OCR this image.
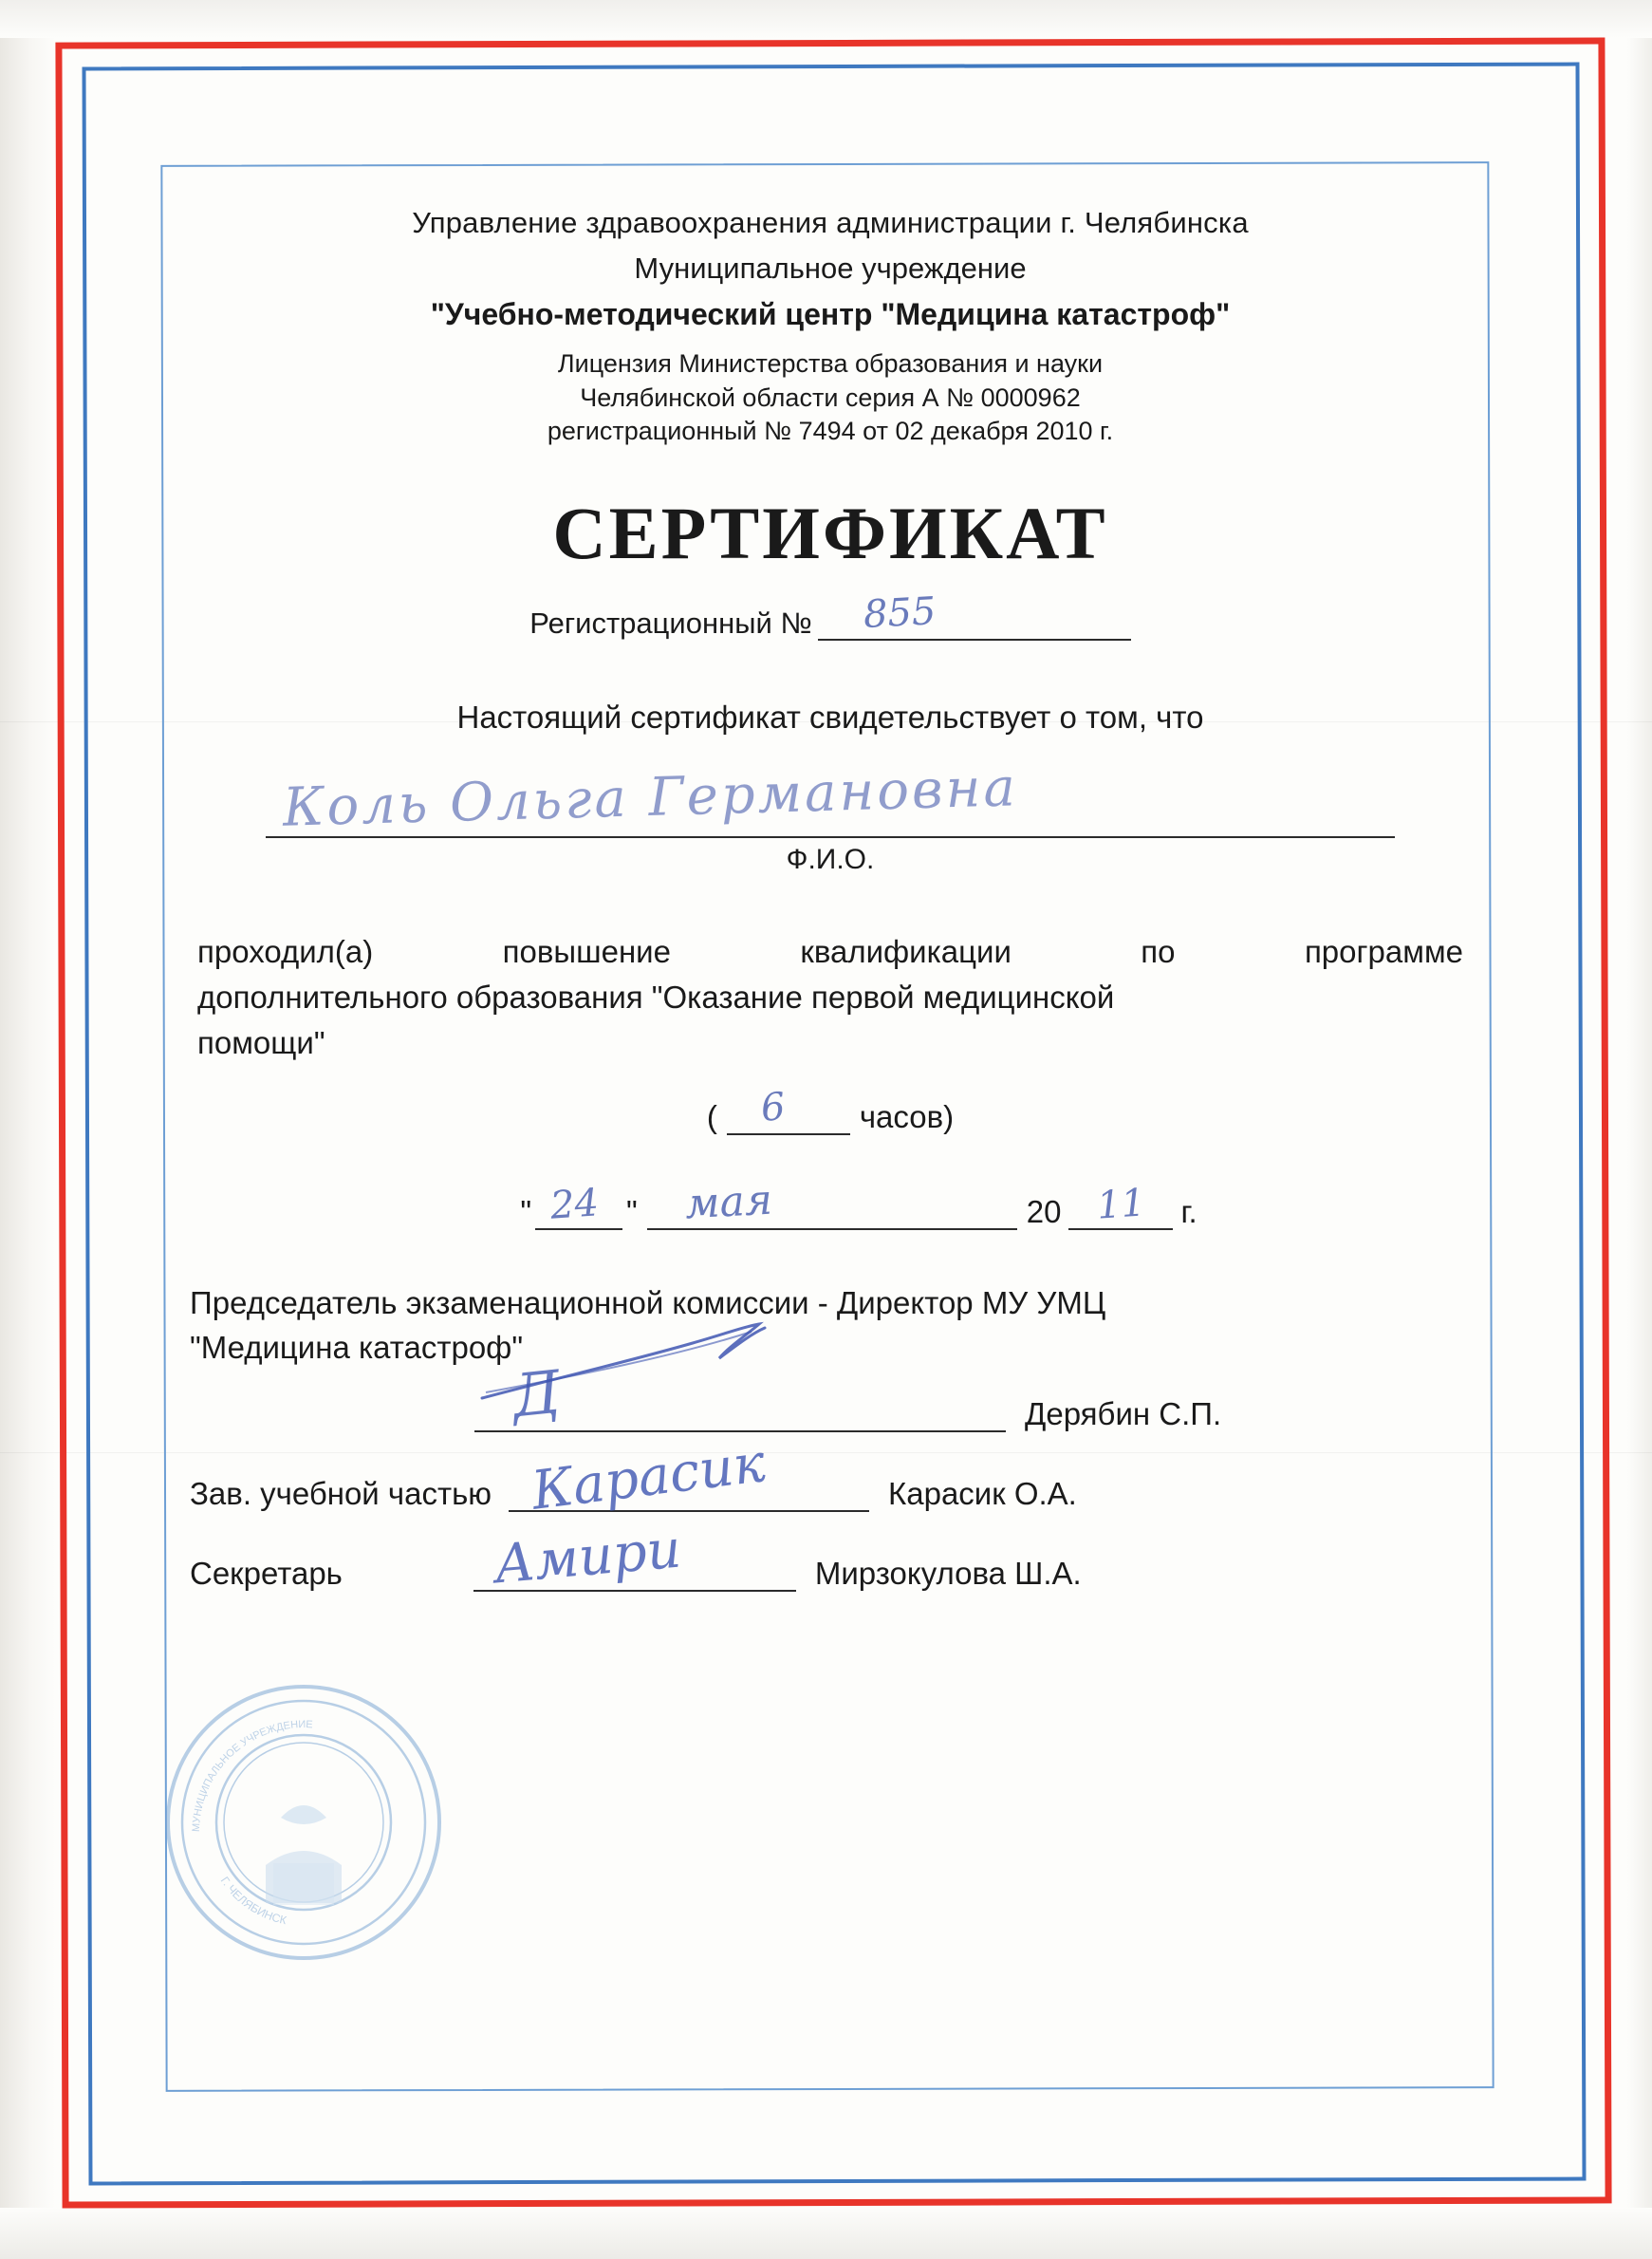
Управление здравоохранения администрации г. Челябинска
Муниципальное учреждение
"Учебно-методический центр "Медицина катастроф"
Лицензия Министерства образования и науки
Челябинской области серия А № 0000962
регистрационный № 7494 от 02 декабря 2010 г.
СЕРТИФИКАТ
Регистрационный № 855
Настоящий сертификат свидетельствует о том, что
Коль Ольга Германовна
Ф.И.О.
проходил(а)	повышение	квалификации	по	программе
дополнительного образования "Оказание первой медицинской
помощи"
( 6 часов)
" 24 " мая	20 11 г.
Председатель экзаменационной комиссии - Директор МУ УМЦ
"Медицина катастроф"
Д	Дерябин С.П.
Зав. учебной частью Карасик	Карасик О.А.
Секретарь	Амири	Мирзокулова Ш.А.
МУНИЦИПАЛЬНОЕ УЧРЕЖДЕНИЕ
Г. ЧЕЛЯБИНСК
